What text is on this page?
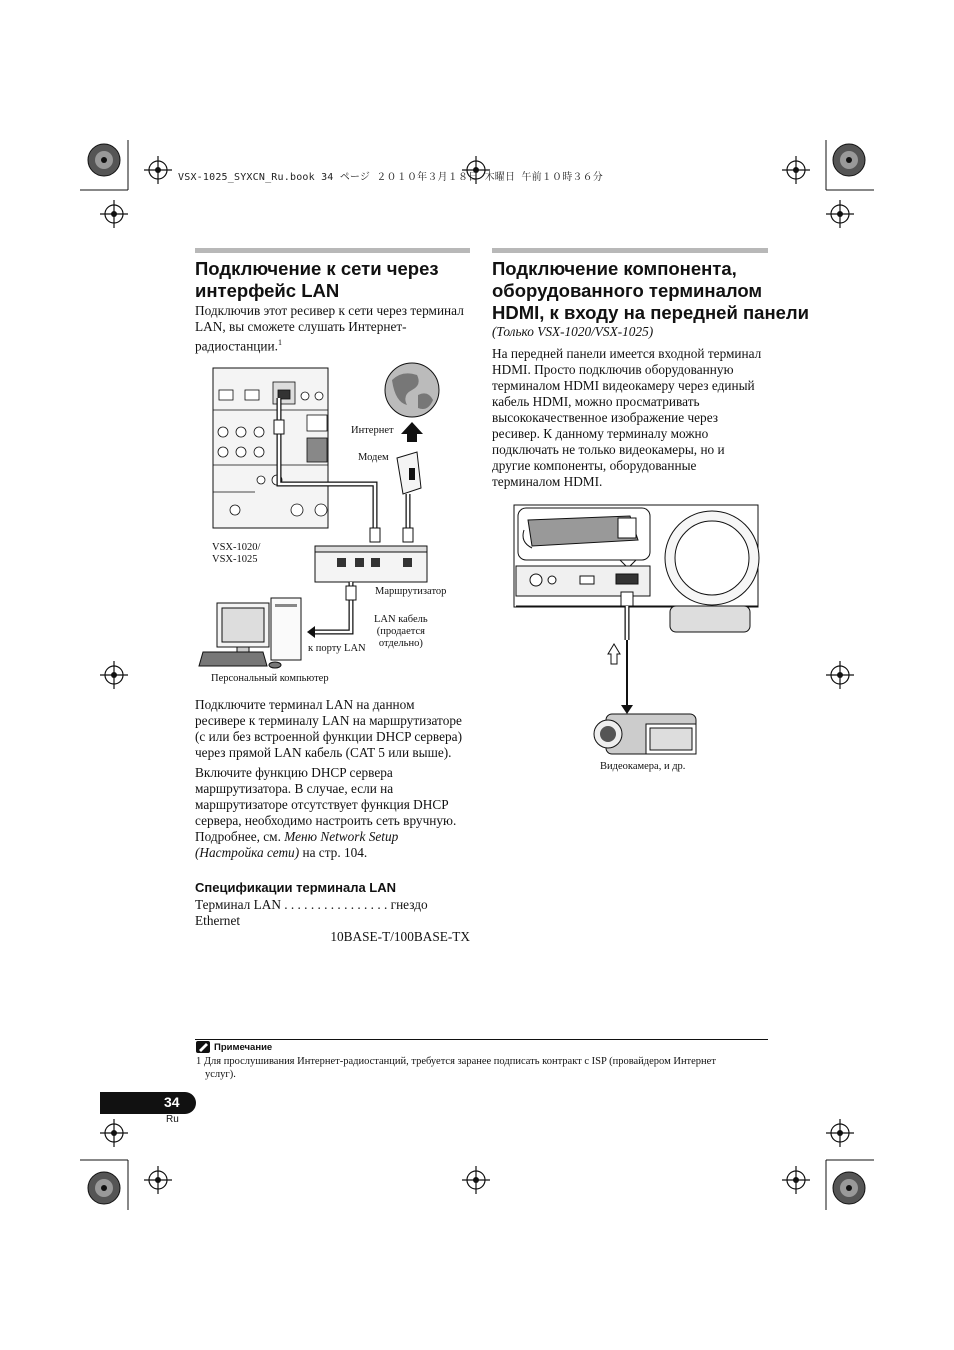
VSX-1025_SYXCN_Ru.book 34 ページ ２０１０年３月１８日 木曜日 午前１０時３６分
Подключение к сети через
интерфейс LAN
Подключив этот ресивер к сети через терминал
LAN, вы сможете слушать Интернет-
радиостанции.$^1$
Интернет
Модем
VSX-1020/
VSX-1025
Маршрутизатор
LAN кабель
(продается
отдельно)
к порту LAN
Персональный компьютер
Подключите терминал LAN на данном
ресивере к терминалу LAN на маршрутизаторе
(с или без встроенной функции DHCP сервера)
через прямой LAN кабель (CAT 5 или выше).
Включите функцию DHCP сервера
маршрутизатора. В случае, если на
маршрутизаторе отсутствует функция DHCP
сервера, необходимо настроить сеть вручную.
Подробнее, см. Меню Network Setup
(Настройка сети) на стр. 104.
Спецификации терминала LAN
Терминал LAN . . . . . . . . . . . . . . . . гнездо Ethernet
10BASE-T/100BASE-TX
Подключение компонента,
оборудованного терминалом
HDMI, к входу на передней панели
(Только VSX-1020/VSX-1025)
На передней панели имеется входной терминал
HDMI. Просто подключив оборудованную
терминалом HDMI видеокамеру через единый
кабель HDMI, можно просматривать
высококачественное изображение через
ресивер. К данному терминалу можно
подключать не только видеокамеры, но и
другие компоненты, оборудованные
терминалом HDMI.
Видеокамера, и др.
Примечание
1 Для прослушивания Интернет-радиостанций, требуется заранее подписать контракт с ISP (провайдером Интернет
услуг).
34
Ru
